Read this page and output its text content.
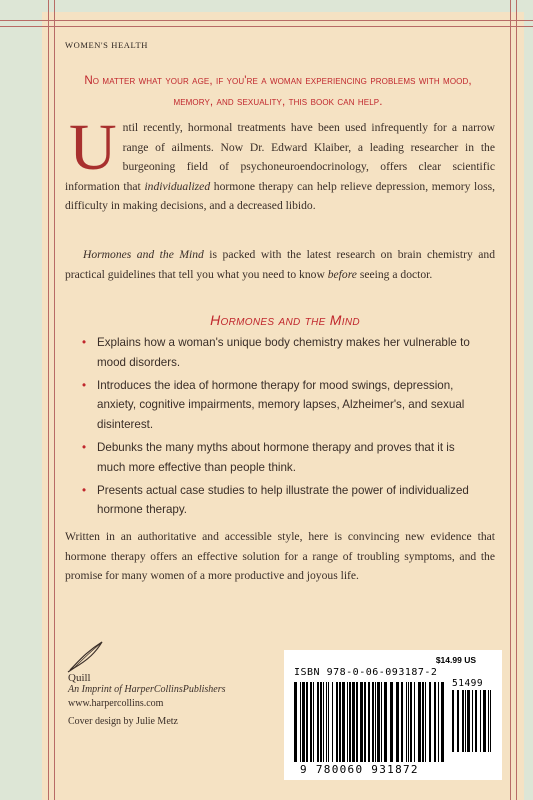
WOMEN'S HEALTH
No matter what your age, if you're a woman experiencing problems with mood, memory, and sexuality, this book can help.
Until recently, hormonal treatments have been used infrequently for a narrow range of ailments. Now Dr. Edward Klaiber, a leading researcher in the burgeoning field of psychoneuroendocrinology, offers clear scientific information that individualized hormone therapy can help relieve depression, memory loss, difficulty in making decisions, and a decreased libido.
Hormones and the Mind is packed with the latest research on brain chemistry and practical guidelines that tell you what you need to know before seeing a doctor.
Hormones and the Mind
• Explains how a woman's unique body chemistry makes her vulnerable to mood disorders.
• Introduces the idea of hormone therapy for mood swings, depression, anxiety, cognitive impairments, memory lapses, Alzheimer's, and sexual disinterest.
• Debunks the many myths about hormone therapy and proves that it is much more effective than people think.
• Presents actual case studies to help illustrate the power of individualized hormone therapy.
Written in an authoritative and accessible style, here is convincing new evidence that hormone therapy offers an effective solution for a range of troubling symptoms, and the promise for many women of a more productive and joyous life.
Quill
An Imprint of HarperCollinsPublishers
www.harpercollins.com
Cover design by Julie Metz
$14.99 US
ISBN 978-0-06-093187-2
51499
9 780060 931872
